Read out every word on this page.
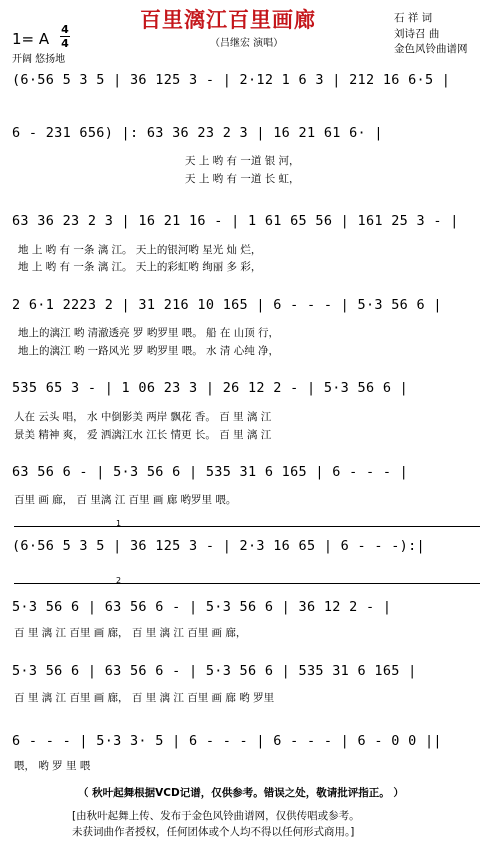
百里漓江百里画廊
（吕继宏 演唱）
石 祥 词
刘诗召 曲
金色风铃曲谱网
1= A
4
4
开阔 悠扬地
(6·56 5 3 5 | 36 125 3 - | 2·12 1 6 3 | 212 16 6·5 |
6 - 231 656) |: 63 36 23 2 3 | 16 21 61 6· |
天 上 哟 有 一道 银 河，
天 上 哟 有 一道 长 虹，
63 36 23 2 3 | 16 21 16 - | 1 61 65 56 | 161 25 3 - |
地 上 哟 有 一条 漓 江。 天上的银河哟 星光 灿 烂，
地 上 哟 有 一条 漓 江。 天上的彩虹哟 绚丽 多 彩，
2 6·1 2223 2 | 31 216 10 165 | 6 - - - | 5·3 56 6 |
地上的漓江 哟 清澈透亮 罗 哟罗里 喂。 船 在 山顶 行，
地上的漓江 哟 一路风光 罗 哟罗里 喂。 水 清 心纯 净，
535 65 3 - | 1 06 23 3 | 26 12 2 - | 5·3 56 6 |
人在 云头 唱， 水 中倒影美 两岸 飘花 香。 百 里 漓 江
景美 精神 爽， 爱 洒漓江水 江长 情更 长。 百 里 漓 江
63 56 6 - | 5·3 56 6 | 535 31 6 165 | 6 - - - |
百里 画 廊， 百 里漓 江 百里 画 廊 哟罗里 喂。
1
(6·56 5 3 5 | 36 125 3 - | 2·3 16 65 | 6 - - -):|
2
5·3 56 6 | 63 56 6 - | 5·3 56 6 | 36 12 2 - |
百 里 漓 江 百里 画 廊， 百 里 漓 江 百里 画 廊，
5·3 56 6 | 63 56 6 - | 5·3 56 6 | 535 31 6 165 |
百 里 漓 江 百里 画 廊， 百 里 漓 江 百里 画 廊 哟 罗里
6 - - - | 5·3 3· 5 | 6 - - - | 6 - - - | 6 - 0 0 ||
喂， 哟 罗 里 喂
（ 秋叶起舞根据VCD记谱，仅供参考。错误之处，敬请批评指正。 ）
[由秋叶起舞上传、发布于金色风铃曲谱网，仅供传唱或参考。
未获词曲作者授权，任何团体或个人均不得以任何形式商用。]
